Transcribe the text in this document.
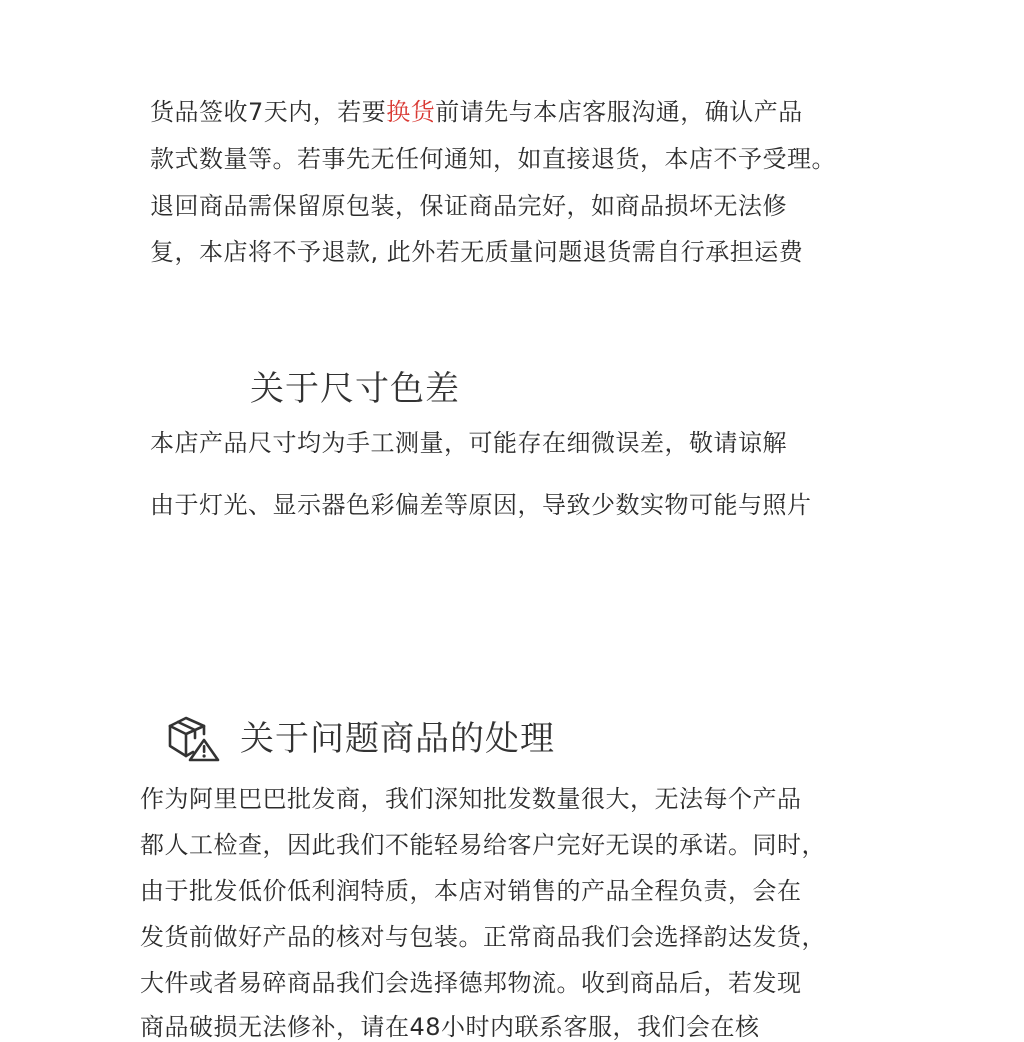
货品签收7天内，若要换货前请先与本店客服沟通，确认产品
款式数量等。若事先无任何通知，如直接退货，本店不予受理。
退回商品需保留原包装，保证商品完好，如商品损坏无法修
复，本店将不予退款, 此外若无质量问题退货需自行承担运费
关于尺寸色差
本店产品尺寸均为手工测量，可能存在细微误差，敬请谅解
由于灯光、显示器色彩偏差等原因，导致少数实物可能与照片
关于问题商品的处理
作为阿里巴巴批发商，我们深知批发数量很大，无法每个产品
都人工检查，因此我们不能轻易给客户完好无误的承诺。同时，
由于批发低价低利润特质，本店对销售的产品全程负责，会在
发货前做好产品的核对与包装。正常商品我们会选择韵达发货，
大件或者易碎商品我们会选择德邦物流。收到商品后，若发现
商品破损无法修补，请在48小时内联系客服，我们会在核
